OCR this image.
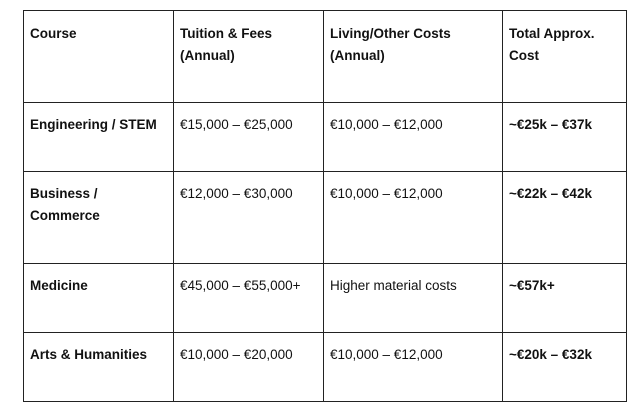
Course	Tuition & Fees (Annual)	Living/Other Costs (Annual)	Total Approx. Cost
Engineering / STEM	€15,000 – €25,000	€10,000 – €12,000	~€25k – €37k
Business / Commerce	€12,000 – €30,000	€10,000 – €12,000	~€22k – €42k
Medicine	€45,000 – €55,000+	Higher material costs	~€57k+
Arts & Humanities	€10,000 – €20,000	€10,000 – €12,000	~€20k – €32k
